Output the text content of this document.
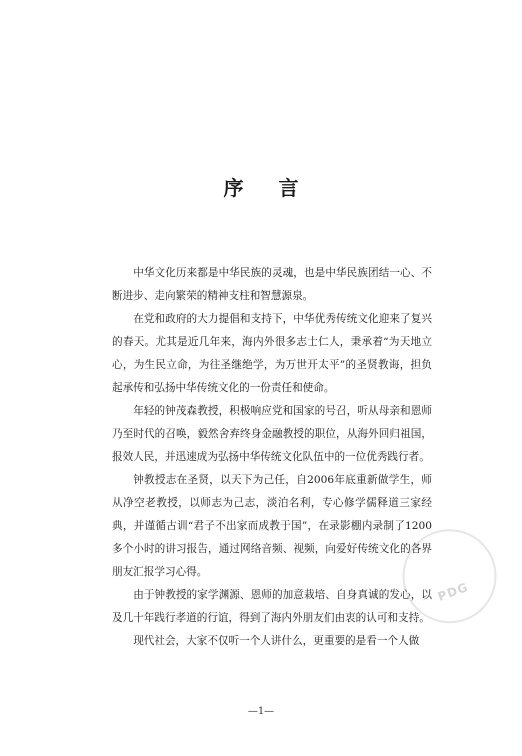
序 言

中华文化历来都是中华民族的灵魂，也是中华民族团结一心、不断进步、走向繁荣的精神支柱和智慧源泉。

在党和政府的大力提倡和支持下，中华优秀传统文化迎来了复兴的春天。尤其是近几年来，海内外很多志士仁人，秉承着“为天地立心，为生民立命，为往圣继绝学，为万世开太平”的圣贤教诲，担负起承传和弘扬中华传统文化的一份责任和使命。

年轻的钟茂森教授，积极响应党和国家的号召，听从母亲和恩师乃至时代的召唤，毅然舍弃终身金融教授的职位，从海外回归祖国，报效人民，并迅速成为弘扬中华传统文化队伍中的一位优秀践行者。

钟教授志在圣贤，以天下为己任，自2006年底重新做学生，师从净空老教授，以师志为己志，淡泊名利，专心修学儒释道三家经典，并谨循古训“君子不出家而成教于国”，在录影棚内录制了1200多个小时的讲习报告，通过网络音频、视频，向爱好传统文化的各界朋友汇报学习心得。

由于钟教授的家学渊源、恩师的加意栽培、自身真诚的发心，以及几十年践行孝道的行谊，得到了海内外朋友们由衷的认可和支持。

现代社会，大家不仅听一个人讲什么，更重要的是看一个人做

—1—
PDG
